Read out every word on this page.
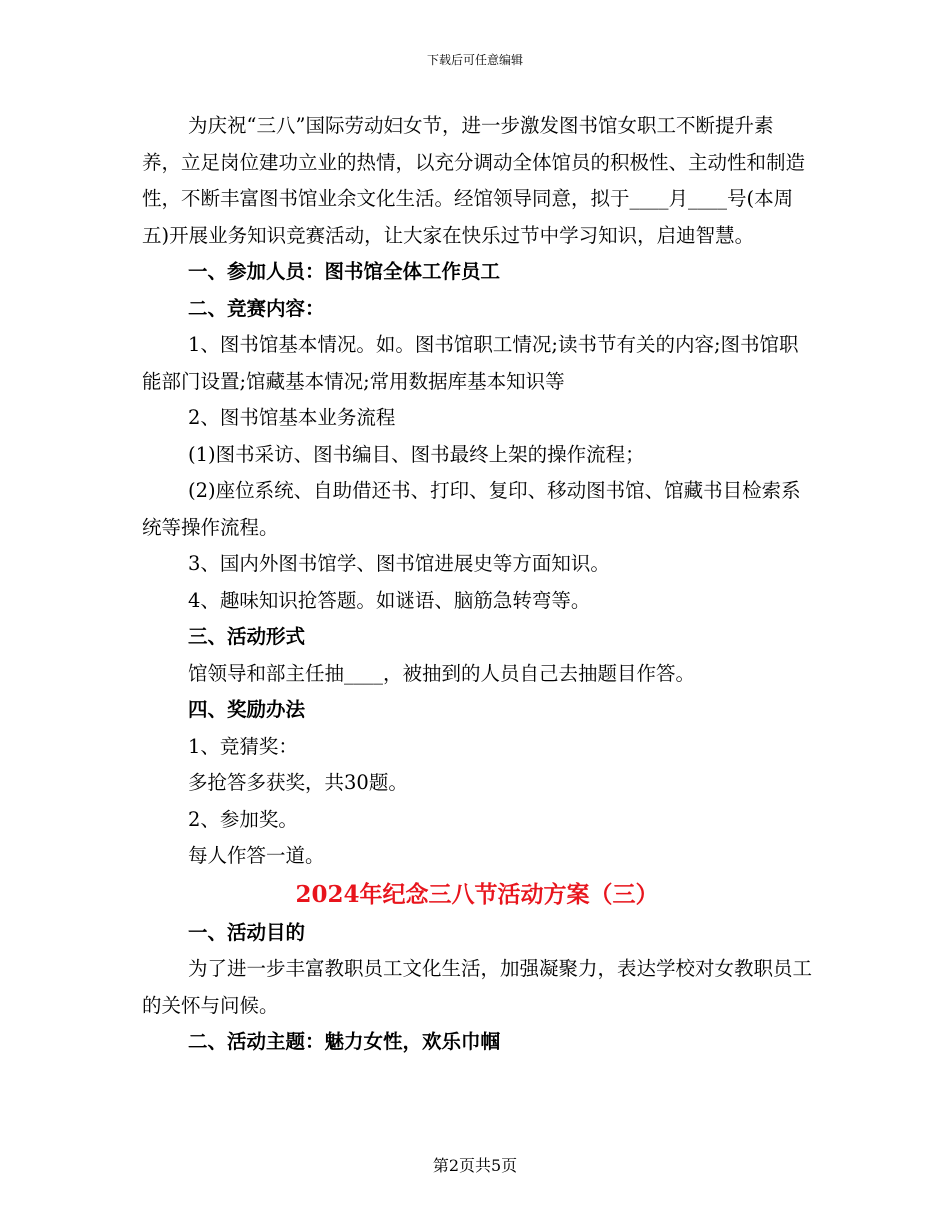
下载后可任意编辑

为庆祝“三八”国际劳动妇女节，进一步激发图书馆女职工不断提升素养，立足岗位建功立业的热情，以充分调动全体馆员的积极性、主动性和制造性，不断丰富图书馆业余文化生活。经馆领导同意，拟于____月____号(本周五)开展业务知识竞赛活动，让大家在快乐过节中学习知识，启迪智慧。

一、参加人员：图书馆全体工作员工

二、竞赛内容：

1、图书馆基本情况。如。图书馆职工情况;读书节有关的内容;图书馆职能部门设置;馆藏基本情况;常用数据库基本知识等

2、图书馆基本业务流程

(1)图书采访、图书编目、图书最终上架的操作流程；

(2)座位系统、自助借还书、打印、复印、移动图书馆、馆藏书目检索系统等操作流程。

3、国内外图书馆学、图书馆进展史等方面知识。

4、趣味知识抢答题。如谜语、脑筋急转弯等。

三、活动形式

馆领导和部主任抽____，被抽到的人员自己去抽题目作答。

四、奖励办法

1、竞猜奖：

多抢答多获奖，共30题。

2、参加奖。

每人作答一道。

2024年纪念三八节活动方案（三）

一、活动目的

为了进一步丰富教职员工文化生活，加强凝聚力，表达学校对女教职员工的关怀与问候。

二、活动主题：魅力女性，欢乐巾帼

第2页共5页
